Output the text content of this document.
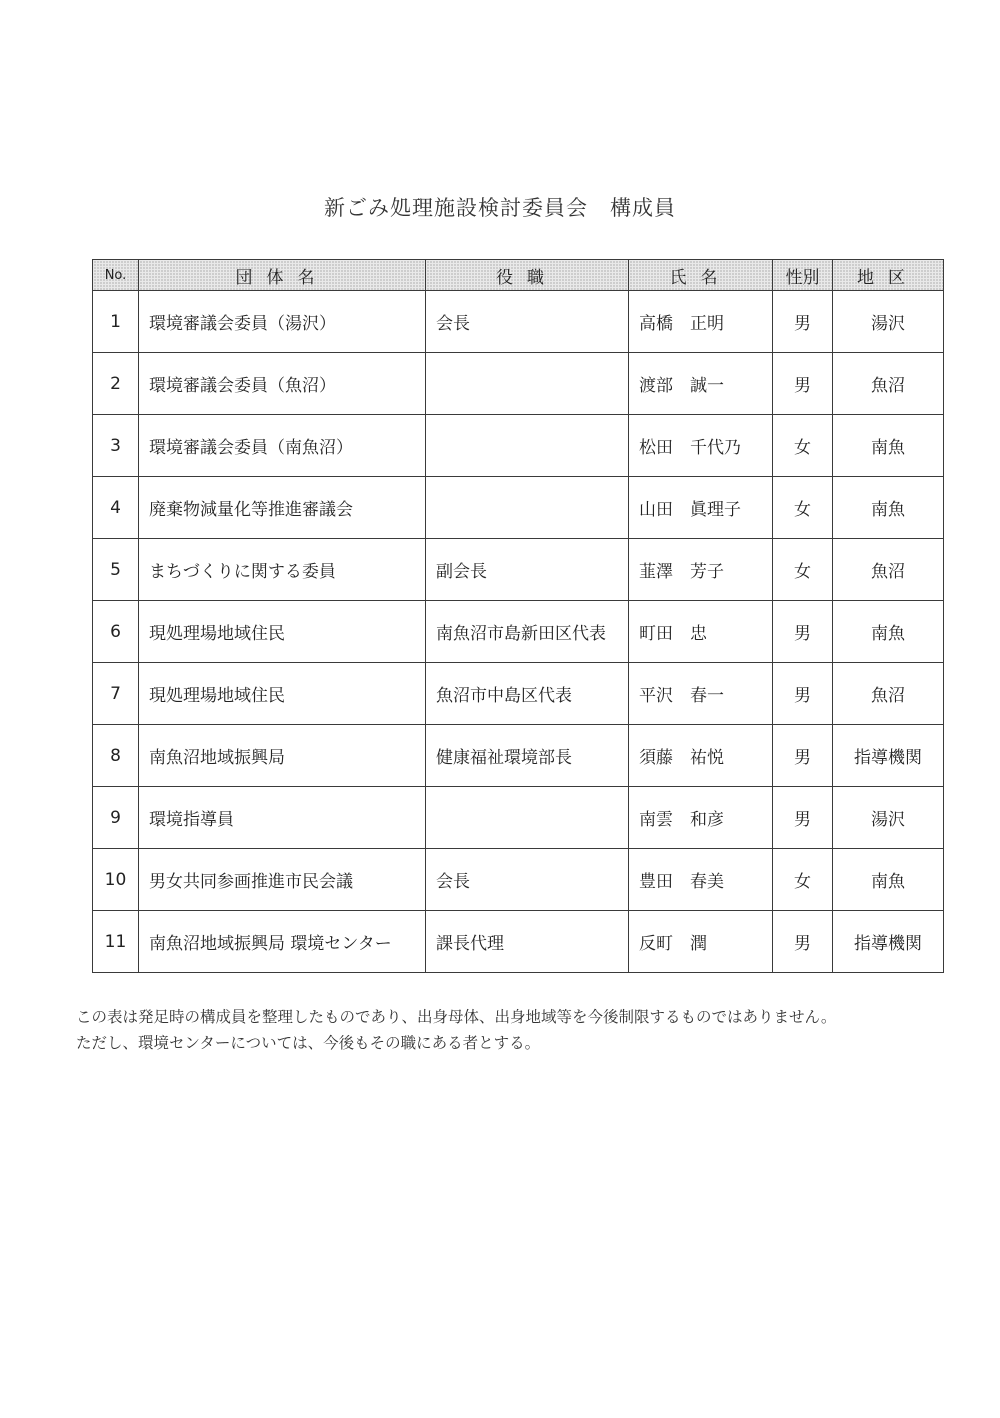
新ごみ処理施設検討委員会　構成員
No.	団体名	役職	氏名	性別	地区
1	環境審議会委員（湯沢）	会長	高橋　正明	男	湯沢
2	環境審議会委員（魚沼）		渡部　誠一	男	魚沼
3	環境審議会委員（南魚沼）		松田　千代乃	女	南魚
4	廃棄物減量化等推進審議会		山田　眞理子	女	南魚
5	まちづくりに関する委員	副会長	韮澤　芳子	女	魚沼
6	現処理場地域住民	南魚沼市島新田区代表	町田　忠	男	南魚
7	現処理場地域住民	魚沼市中島区代表	平沢　春一	男	魚沼
8	南魚沼地域振興局	健康福祉環境部長	須藤　祐悦	男	指導機関
9	環境指導員		南雲　和彦	男	湯沢
10	男女共同参画推進市民会議	会長	豊田　春美	女	南魚
11	南魚沼地域振興局 環境センター	課長代理	反町　潤	男	指導機関

この表は発足時の構成員を整理したものであり、出身母体、出身地域等を今後制限するものではありません。

ただし、環境センターについては、今後もその職にある者とする。
